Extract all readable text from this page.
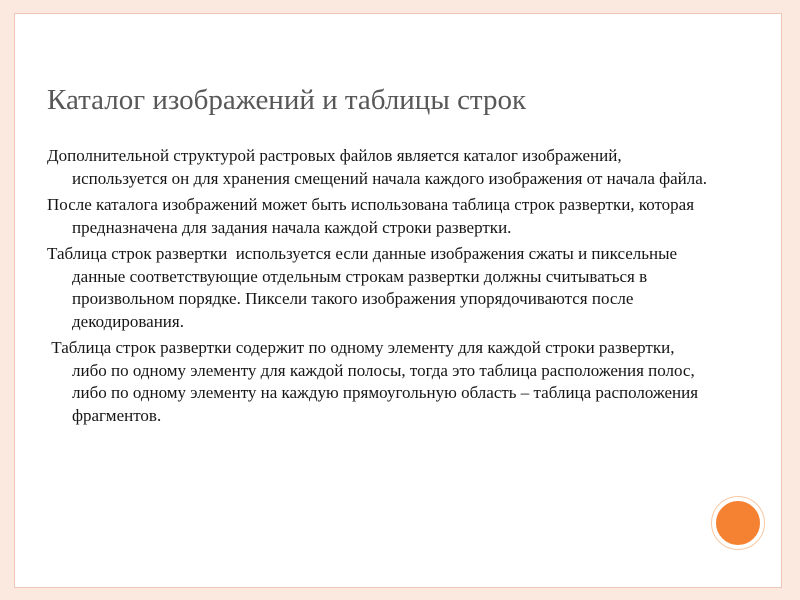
Каталог изображений и таблицы строк

Дополнительной структурой растровых файлов является каталог изображений, используется он для хранения смещений начала каждого изображения от начала файла.

После каталога изображений может быть использована таблица строк развертки, которая предназначена для задания начала каждой строки развертки.

Таблица строк развертки  используется если данные изображения сжаты и пиксельные данные соответствующие отдельным строкам развертки должны считываться в произвольном порядке. Пиксели такого изображения упорядочиваются после декодирования.

Таблица строк развертки содержит по одному элементу для каждой строки развертки, либо по одному элементу для каждой полосы, тогда это таблица расположения полос, либо по одному элементу на каждую прямоугольную область – таблица расположения фрагментов.
